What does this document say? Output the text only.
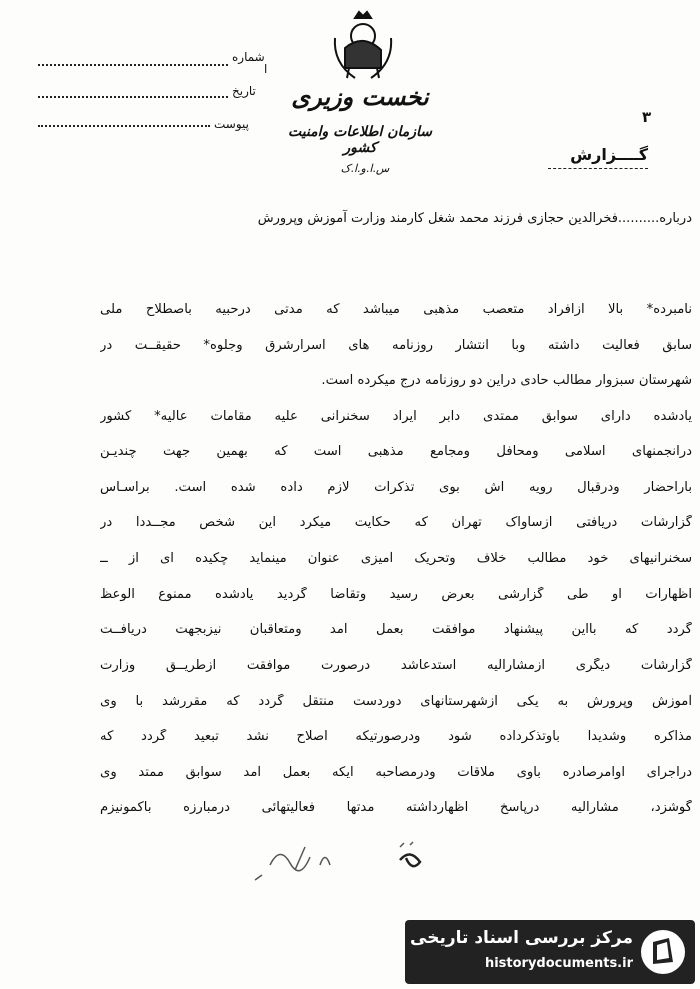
شماره
ا
تاریخ
پیوست
نخست وزیری
سازمان اطلاعات وامنیت کشور
س.ا.و.ا.ک
۳
گــــزارش
درباره..........فخرالدین حجازی فرزند محمد شغل کارمند وزارت آموزش وپرورش
نامبرده* بالا ازافراد متعصب مذهبی میباشد که مدتی درحبیه باصطلاح ملی
سابق فعالیت داشته وبا انتشار روزنامه های اسرارشرق وجلوه* حقیقــت در
شهرستان سبزوار مطالب حادی دراین دو روزنامه درج میکرده است.
یادشده دارای سوابق ممتدی دابر ایراد سخنرانی علیه مقامات عالیه* کشور
درانجمنهای اسلامی ومحافل ومجامع مذهبی است که بهمین جهت چندیـن
باراحضار ودرقبال رویه اش بوی تذکرات لازم داده شده است. براسـاس
گزارشات دریافتی ازساواک تهران که حکایت میکرد این شخص مجــدداً در
سخنرانیهای خود مطالب خلاف وتحریک آمیزی عنوان مینماید چکیده ای از ــ
اظهارات او طی گزارشی بعرض رسید وتقاضا گردید یادشده ممنوع الوعظ
گردد که بااین پیشنهاد موافقت بعمل آمد ومتعاقبآن نیزبجهت دریافــت
گزارشات دیگری ازمشارالیه استدعاشد درصورت موافقت ازطریــق وزارت
آموزش وپرورش به یکی ازشهرستانهای دوردست منتقل گردد که مقررشد با وی
مذاکره وشدیداً باوتذکرداده شود ودرصورتیکه اصلاح نشد تبعید گردد که
دراجرای اوامرصادره باوی ملاقات ودرمصاحبه ایکه بعمل آمد سوابق ممتد وی
گوشزد، مشارالیه درپاسخ اظهارداشته مدتها فعالیتهائی درمبارزه باکمونیزم
مرکز بررسی اسناد تاریخی
historydocuments.ir
